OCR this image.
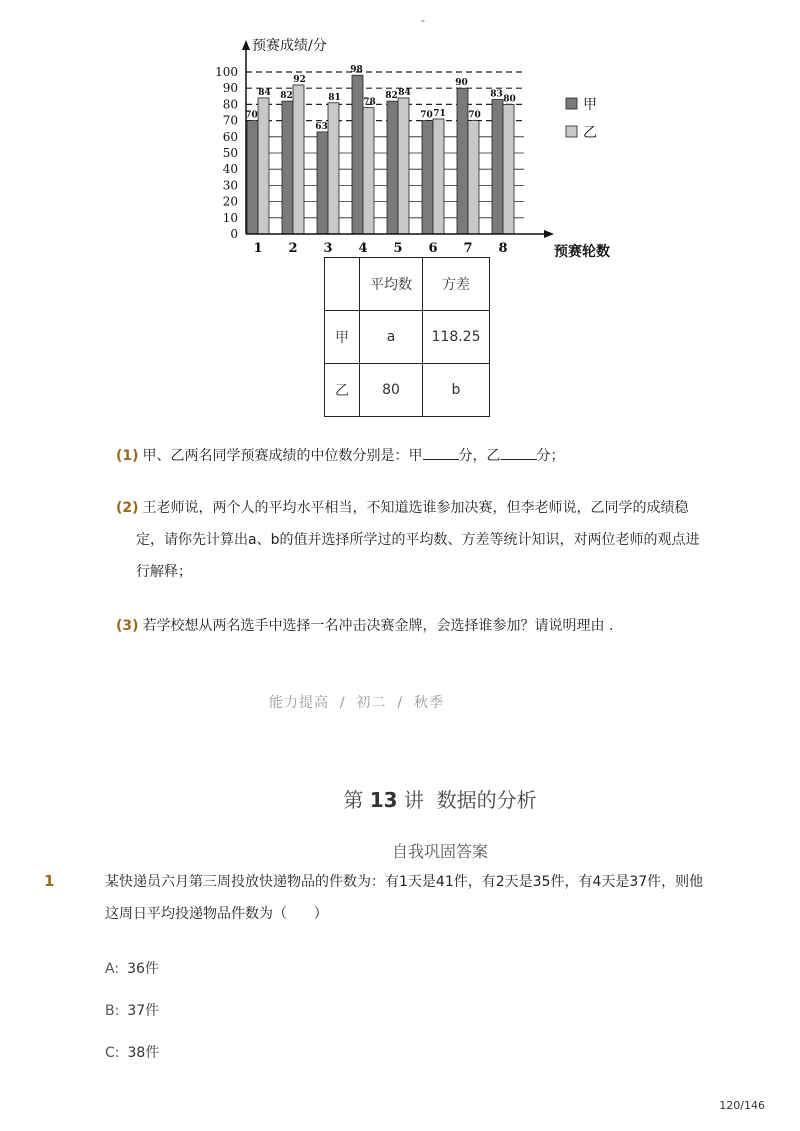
-
10
20
30
40
50
60
70
80
90
100
0
70
84
1
82
92
2
63
81
3
98
78
4
82 84
5
70 71
6
90
70
7
83 80
8
预赛成绩/分
预赛轮数
甲
乙
	平均数	方差
甲	a	118.25
乙	80	b
(1) 甲、乙两名同学预赛成绩的中位数分别是：甲	分，乙	分；
(2) 王老师说，两个人的平均水平相当，不知道选谁参加决赛，但李老师说，乙同学的成绩稳
定，请你先计算出a、b的值并选择所学过的平均数、方差等统计知识，对两位老师的观点进
行解释；
(3) 若学校想从两名选手中选择一名冲击决赛金牌，会选择谁参加？请说明理由 .
能力提高  /  初二  /  秋季
第 13 讲  数据的分析
自我巩固答案
1	某快递员六月第三周投放快递物品的件数为：有1天是41件，有2天是35件，有4天是37件，则他
这周日平均投递物品件数为（      ）
A: 36件
B: 37件
C: 38件
120/146
